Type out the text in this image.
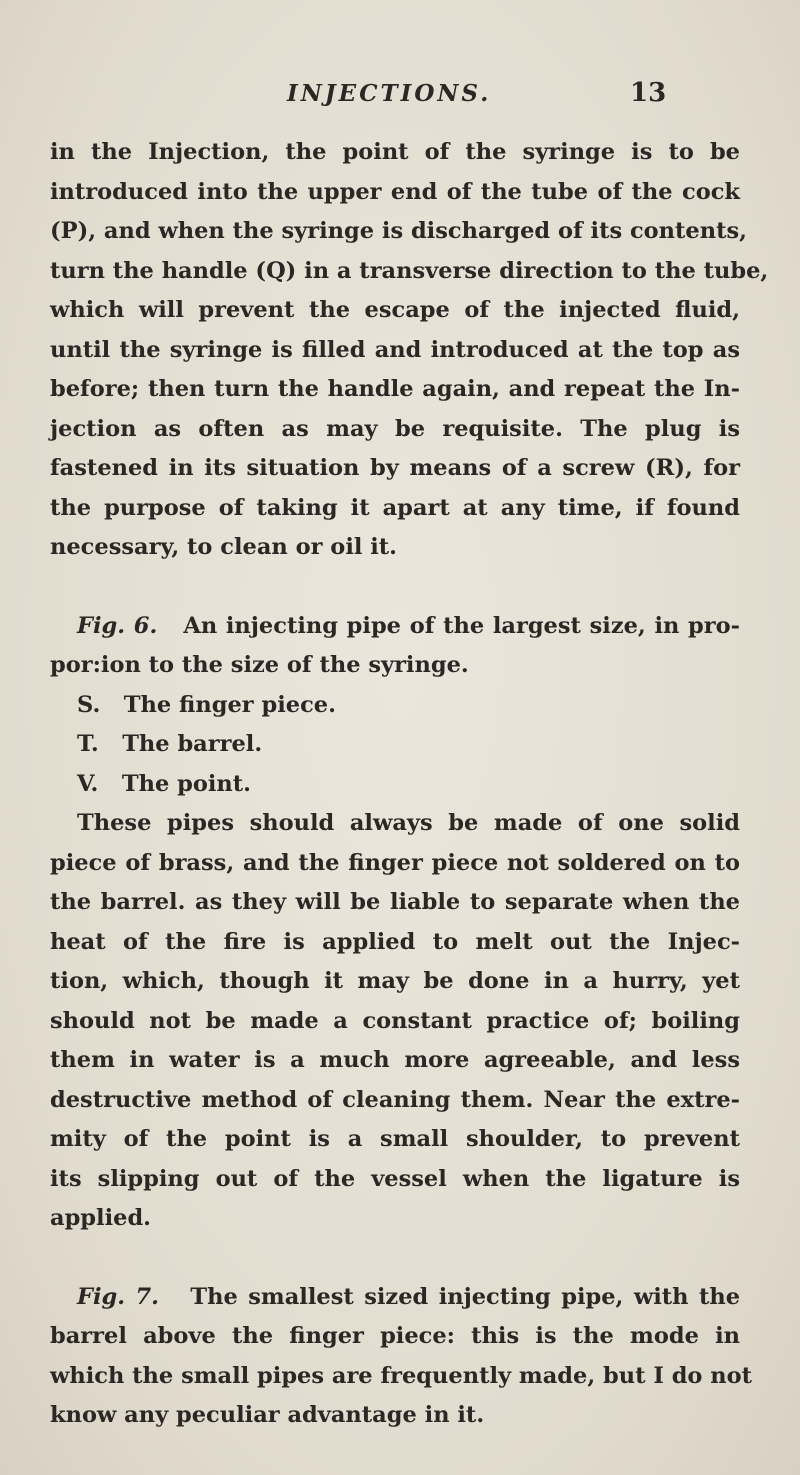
INJECTIONS.	13
in the Injection, the point of the syringe is to be
introduced into the upper end of the tube of the cock
(P), and when the syringe is discharged of its contents,
turn the handle (Q) in a transverse direction to the tube,
which will prevent the escape of the injected fluid,
until the syringe is filled and introduced at the top as
before; then turn the handle again, and repeat the In-
jection as often as may be requisite. The plug is
fastened in its situation by means of a screw (R), for
the purpose of taking it apart at any time, if found
necessary, to clean or oil it.
Fig. 6. An injecting pipe of the largest size, in pro-
por:ion to the size of the syringe.
S. The finger piece.
T. The barrel.
V. The point.
These pipes should always be made of one solid
piece of brass, and the finger piece not soldered on to
the barrel. as they will be liable to separate when the
heat of the fire is applied to melt out the Injec-
tion, which, though it may be done in a hurry, yet
should not be made a constant practice of; boiling
them in water is a much more agreeable, and less
destructive method of cleaning them. Near the extre-
mity of the point is a small shoulder, to prevent
its slipping out of the vessel when the ligature is
applied.
Fig. 7. The smallest sized injecting pipe, with the
barrel above the finger piece: this is the mode in
which the small pipes are frequently made, but I do not
know any peculiar advantage in it.
